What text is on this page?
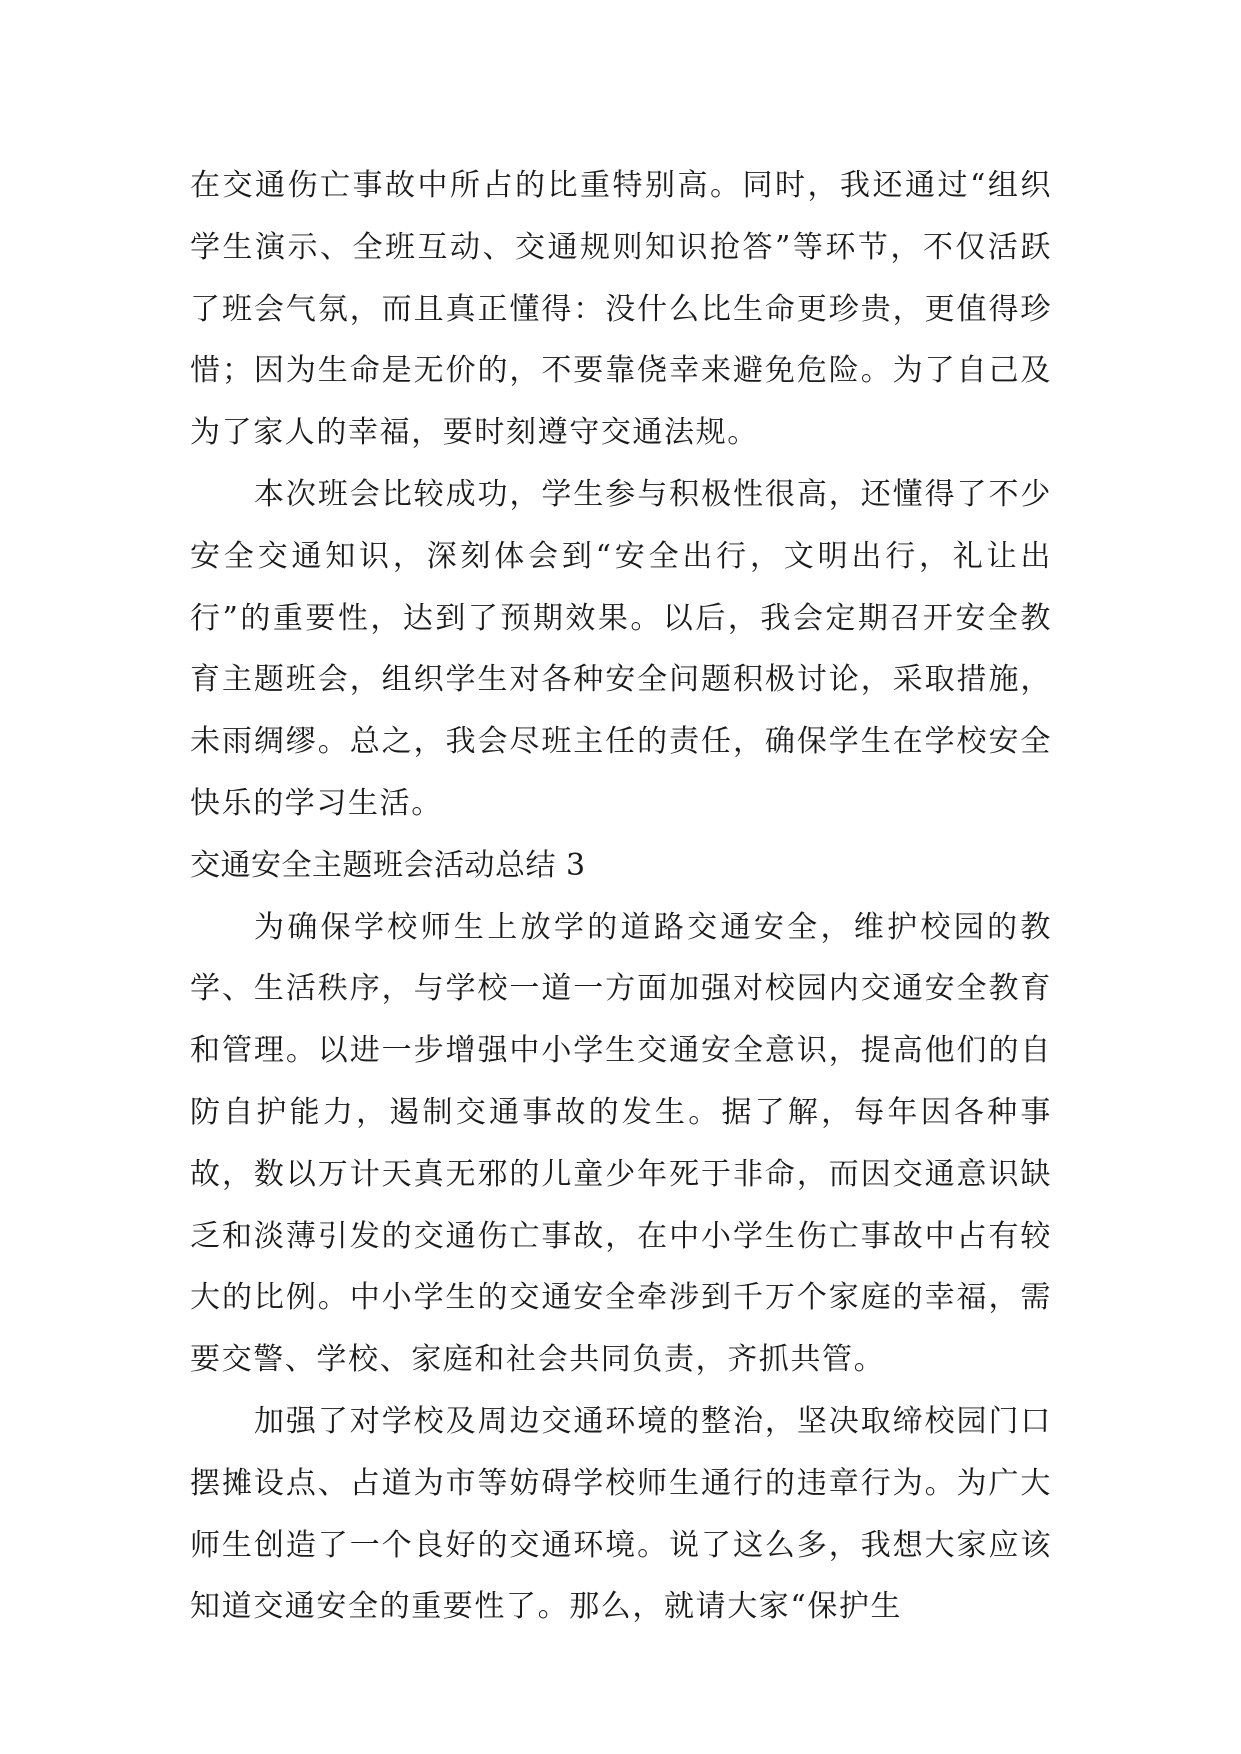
在交通伤亡事故中所占的比重特别高。同时，我还通过“组织学生演示、全班互动、交通规则知识抢答”等环节，不仅活跃了班会气氛，而且真正懂得：没什么比生命更珍贵，更值得珍惜；因为生命是无价的，不要靠侥幸来避免危险。为了自己及为了家人的幸福，要时刻遵守交通法规。

本次班会比较成功，学生参与积极性很高，还懂得了不少安全交通知识，深刻体会到“安全出行，文明出行，礼让出行”的重要性，达到了预期效果。以后，我会定期召开安全教育主题班会，组织学生对各种安全问题积极讨论，采取措施，未雨绸缪。总之，我会尽班主任的责任，确保学生在学校安全快乐的学习生活。

交通安全主题班会活动总结 3

为确保学校师生上放学的道路交通安全，维护校园的教学、生活秩序，与学校一道一方面加强对校园内交通安全教育和管理。以进一步增强中小学生交通安全意识，提高他们的自防自护能力，遏制交通事故的发生。据了解，每年因各种事故，数以万计天真无邪的儿童少年死于非命，而因交通意识缺乏和淡薄引发的交通伤亡事故，在中小学生伤亡事故中占有较大的比例。中小学生的交通安全牵涉到千万个家庭的幸福，需要交警、学校、家庭和社会共同负责，齐抓共管。

加强了对学校及周边交通环境的整治，坚决取缔校园门口摆摊设点、占道为市等妨碍学校师生通行的违章行为。为广大师生创造了一个良好的交通环境。说了这么多，我想大家应该知道交通安全的重要性了。那么，就请大家“保护生
